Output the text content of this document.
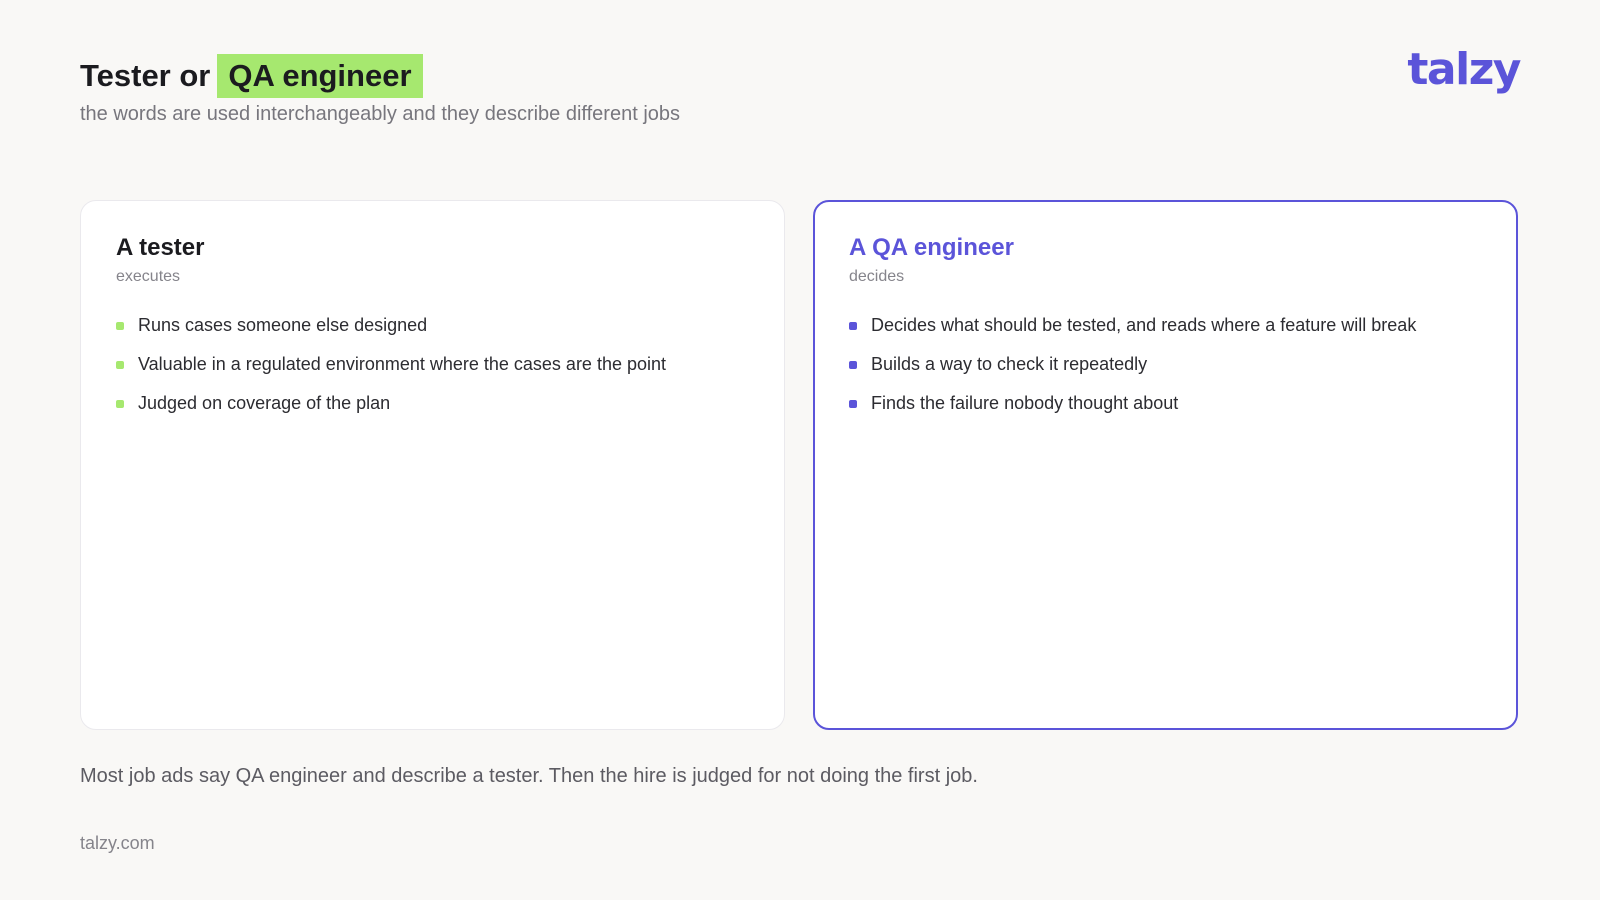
Tester or QA engineer
the words are used interchangeably and they describe different jobs
talzy
A tester
executes
Runs cases someone else designed
Valuable in a regulated environment where the cases are the point
Judged on coverage of the plan
A QA engineer
decides
Decides what should be tested, and reads where a feature will break
Builds a way to check it repeatedly
Finds the failure nobody thought about
Most job ads say QA engineer and describe a tester. Then the hire is judged for not doing the first job.
talzy.com
